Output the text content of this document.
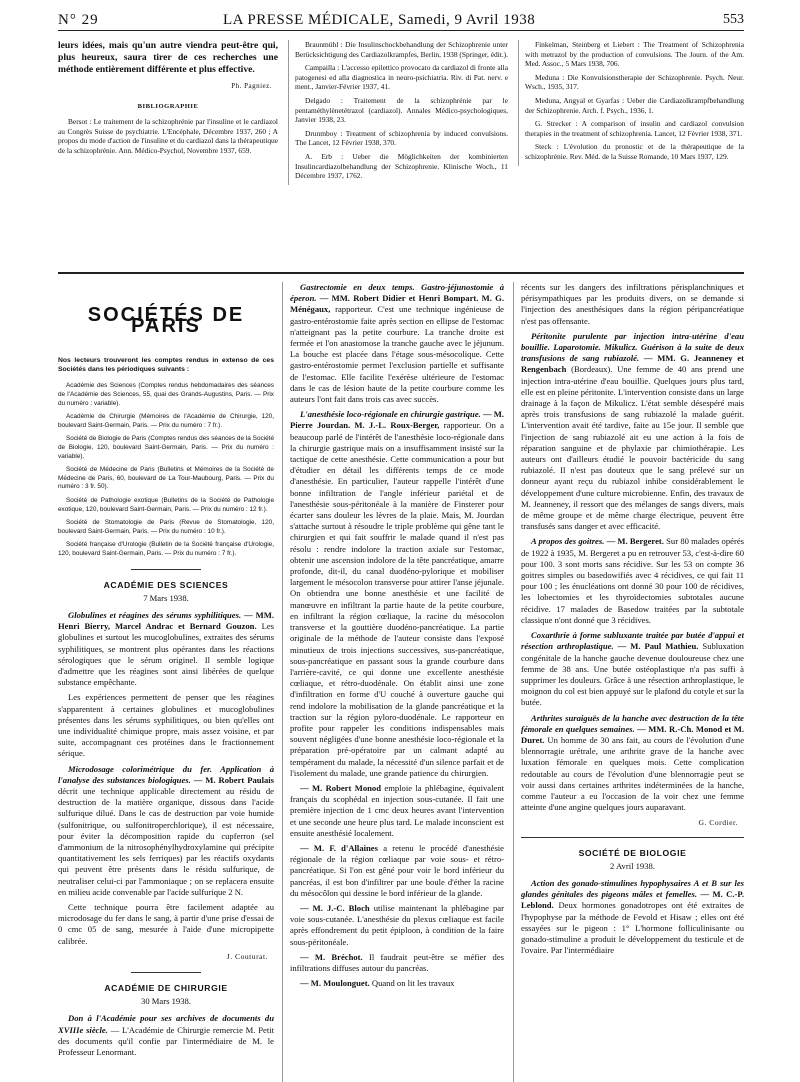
N° 29	LA PRESSE MÉDICALE, Samedi, 9 Avril 1938	553

leurs idées, mais qu'un autre viendra peut-être qui, plus heureux, saura tirer de ces recherches une méthode entièrement différente et plus effective.

Ph. Pagniez.
BIBLIOGRAPHIE

Bersot : Le traitement de la schizophrénie par l'insuline et le cardiazol au Congrès Suisse de psychiatrie. L'Encéphale, Décembre 1937, 260 ; A propos du mode d'action de l'insuline et du cardiazol dans la thérapeutique de la schizophrénie. Ann. Médico-Psychol, Novembre 1937, 659.

Braunmühl : Die Insulinschockbehandlung der Schizophrenie unter Berücksichtigung des Cardiazolkrampfes, Berlin, 1938 (Springer, édit.).

Campailla : L'accesso epilettico provocato da cardiazol di fronte alla patogenesi ed alla diagnostica in neuro-psichiatria. Riv. di Pat. nerv. e ment., Janvier-Février 1937, 41.

Delgado : Traitement de la schizophrénie par le pentaméthylènetétrazol (cardiazol). Annales Médico-psychologiques, Janvier 1938, 23.

Drunmboy : Treatment of schizophrenia by induced convulsions. The Lancet, 12 Février 1938, 370.

A. Erb : Ueber die Möglichkeiten der kombinierten Insulincardiazolbehandlung der Schizophrenie. Klinische Woch., 11 Décembre 1937, 1762.

Finkelman, Steinberg et Liebert : The Treatment of Schizophrenia with metrazol by the production of convulsions. The Journ. of the Am. Med. Assoc., 5 Mars 1938, 706.

Meduna : Die Konvulsionstherapie der Schizophrenie. Psych. Neur. Wsch., 1935, 317.

Meduna, Angyal et Gyarfas : Ueber die Cardiazolkrampfbehandlung der Schizophrenie. Arch. f. Psych., 1936, 1.

G. Strecker : A comparison of insulin and cardiazol convulsion therapies in the treatment of schizophrenia. Lancet, 12 Février 1938, 371.

Steck : L'évolution du pronostic et de la thérapeutique de la schizophrénie. Rev. Méd. de la Suisse Romande, 10 Mars 1937, 129.

SOCIÉTÉS DE PARIS

Nos lecteurs trouveront les comptes rendus in extenso de ces Sociétés dans les périodiques suivants :

Académie des Sciences (Comptes rendus hebdomadaires des séances de l'Académie des Sciences, 55, quai des Grands-Augustins, Paris. — Prix du numéro : variable).

Académie de Chirurgie (Mémoires de l'Académie de Chirurgie, 120, boulevard Saint-Germain, Paris. — Prix du numéro : 7 fr.).

Société de Biologie de Paris (Comptes rendus des séances de la Société de Biologie, 120, boulevard Saint-Germain, Paris. — Prix du numéro : variable).

Société de Médecine de Paris (Bulletins et Mémoires de la Société de Médecine de Paris, 60, boulevard de La Tour-Maubourg, Paris. — Prix du numéro : 3 fr. 50).

Société de Pathologie exotique (Bulletins de la Société de Pathologie exotique, 120, boulevard Saint-Germain, Paris. — Prix du numéro : 12 fr.).

Société de Stomatologie de Paris (Revue de Stomatologie, 120, boulevard Saint-Germain, Paris. — Prix du numéro : 10 fr.).

Société française d'Urologie (Bulletin de la Société française d'Urologie, 120, boulevard Saint-Germain, Paris. — Prix du numéro : 7 fr.).

ACADÉMIE DES SCIENCES
7 Mars 1938.

Globulines et réagines des sérums syphilitiques. — MM. Henri Bierry, Marcel Andrac et Bernard Gouzon. Les globulines et surtout les mucoglobulines, extraites des sérums syphilitiques, se montrent plus opérantes dans les réactions sérologiques que le sérum originel. Il semble logique d'admettre que les réagines sont ainsi libérées de quelque substance empêchante.

Les expériences permettent de penser que les réagines s'apparentent à certaines globulines et mucoglobulines présentes dans les sérums syphilitiques, ou bien qu'elles ont une individualité chimique propre, mais assez voisine, et par suite, accompagnant ces protéines dans le fractionnement sérique.

Microdosage colorimétrique du fer. Application à l'analyse des substances biologiques. — M. Robert Paulais décrit une technique applicable directement au résidu de destruction de la matière organique, dissous dans l'acide sulfurique dilué. Dans le cas de destruction par voie humide (sulfonitrique, ou sulfonitroperchlorique), il est nécessaire, pour éviter la décomposition rapide du cupferron (sel d'ammonium de la nitrosophénylhydroxylamine qui précipite quantitativement les sels ferriques) par les réactifs oxydants qui peuvent être présents dans le résidu sulfurique, de neutraliser celui-ci par l'ammoniaque ; on se replacera ensuite en milieu acide convenable par l'acide sulfurique 2 N.

Cette technique pourra être facilement adaptée au microdosage du fer dans le sang, à partir d'une prise d'essai de 0 cmc 05 de sang, mesurée à l'aide d'une micropipette calibrée.

J. Couturat.
ACADÉMIE DE CHIRURGIE
30 Mars 1938.

Don à l'Académie pour ses archives de documents du XVIIIe siècle. — L'Académie de Chirurgie remercie M. Petit des documents qu'il confie par l'intermédiaire de M. le Professeur Lenormant.

Gastrectomie en deux temps. Gastro-jéjunostomie à éperon. — MM. Robert Didier et Henri Bompart. M. G. Ménégaux, rapporteur. C'est une technique ingénieuse de gastro-entérostomie faite après section en ellipse de l'estomac n'atteignant pas la petite courbure. La tranche droite est fermée et l'on anastomose la tranche gauche avec le jéjunum. La bouche est placée dans l'étage sous-mésocolique. Cette gastro-entérostomie permet l'exclusion partielle et suffisante de l'estomac. Elle facilite l'exérèse ultérieure de l'estomac dans le cas de lésion haute de la petite courbure comme les auteurs l'ont fait dans trois cas avec succès.

L'anesthésie loco-régionale en chirurgie gastrique. — M. Pierre Jourdan. M. J.-L. Roux-Berger, rapporteur. On a beaucoup parlé de l'intérêt de l'anesthésie loco-régionale dans la chirurgie gastrique mais on a insuffisamment insisté sur la tactique de cette anesthésie. Cette communication a pour but d'étudier en détail les différents temps de ce mode d'anesthésie. En particulier, l'auteur rappelle l'intérêt d'une bonne infiltration de l'angle inférieur pariétal et de l'anesthésie sous-péritonéale à la manière de Finsterer pour écarter sans douleur les lèvres de la plaie. Mais, M. Jourdan s'attache surtout à résoudre le triple problème qui gêne tant le chirurgien et qui fait souffrir le malade quand il n'est pas résolu : rendre indolore la traction axiale sur l'estomac, obtenir une ascension indolore de la tête pancréatique, amarre profonde, dit-il, du canal duodéno-pylorique et mobiliser largement le mésocolon transverse pour attirer l'anse jéjunale. On obtiendra une bonne anesthésie et une facilité de manœuvre en infiltrant la partie haute de la petite courbure, en infiltrant la région cœliaque, la racine du mésocolon transverse et la gouttière duodéno-pancréatique. La partie originale de la méthode de l'auteur consiste dans l'exposé minutieux de trois injections successives, sus-pancréatique, sous-pancréatique en passant sous la grande courbure dans l'arrière-cavité, ce qui donne une excellente anesthésie cœliaque, et rétro-duodénale. On établit ainsi une zone d'infiltration en forme d'U couché à ouverture gauche qui rend indolore la mobilisation de la glande pancréatique et la traction sur la région pyloro-duodénale. Le rapporteur en profite pour rappeler les conditions indispensables mais souvent négligées d'une bonne anesthésie loco-régionale et la préparation pré-opératoire par un calmant adapté au tempérament du malade, la nécessité d'un silence parfait et de l'isolement du malade, une grande patience du chirurgien.

— M. Robert Monod emploie la phlébagine, équivalent français du scophédal en injection sous-cutanée. Il fait une première injection de 1 cmc deux heures avant l'intervention et une seconde une heure plus tard. Le malade inconscient est ensuite anesthésié localement.

— M. F. d'Allaines a retenu le procédé d'anesthésie régionale de la région cœliaque par voie sous- et rétro-pancréatique. Si l'on est gêné pour voir le bord inférieur du pancréas, il est bon d'infiltrer par une boule d'éther la racine du mésocôlon qui dessine le bord inférieur de la glande.

— M. J.-C. Bloch utilise maintenant la phlébagine par voie sous-cutanée. L'anesthésie du plexus cœliaque est facile après effondrement du petit épiploon, à condition de la faire sous-péritonéale.

— M. Bréchot. Il faudrait peut-être se méfier des infiltrations diffuses autour du pancréas.

— M. Moulonguet. Quand on lit les travaux

récents sur les dangers des infiltrations périsplanchniques et périsympathiques par les produits divers, on se demande si l'injection des anesthésiques dans la région péripancréatique n'est pas offensante.

Péritonite purulente par injection intra-utérine d'eau bouillie. Laparotomie. Mikulicz. Guérison à la suite de deux transfusions de sang rubiazolé. — MM. G. Jeanneney et Rengenbach (Bordeaux). Une femme de 40 ans prend une injection intra-utérine d'eau bouillie. Quelques jours plus tard, elle est en pleine péritonite. L'intervention consiste dans un large drainage à la façon de Mikulicz. L'état semble désespéré mais après trois transfusions de sang rubiazolé la malade guérit. L'intervention avait été tardive, faite au 15e jour. Il semble que l'injection de sang rubiazolé ait eu une action à la fois de réparation sanguine et de phylaxie par chimiothérapie. Les auteurs ont d'ailleurs étudié le pouvoir bactéricide du sang rubiazolé. Il n'est pas douteux que le sang prélevé sur un donneur ayant reçu du rubiazol inhibe considérablement le développement d'une culture microbienne. Enfin, des travaux de M. Jeanneney, il ressort que des mélanges de sangs divers, mais de même groupe et de même charge électrique, peuvent être transfusés sans danger et avec efficacité.

A propos des goitres. — M. Bergeret. Sur 80 malades opérés de 1922 à 1935, M. Bergeret a pu en retrouver 53, c'est-à-dire 60 pour 100. 3 sont morts sans récidive. Sur les 53 on compte 36 goitres simples ou basedowifiés avec 4 récidives, ce qui fait 11 pour 100 ; les énucléations ont donné 30 pour 100 de récidives, les lobectomies et les thyroïdectomies subtotales aucune récidive. 17 malades de Basedow traitées par la subtotale classique n'ont donné que 3 récidives.

Coxarthrie à forme subluxante traitée par butée d'appui et résection arthroplastique. — M. Paul Mathieu. Subluxation congénitale de la hanche gauche devenue douloureuse chez une femme de 38 ans. Une butée ostéoplastique n'a pas suffi à supprimer les douleurs. Grâce à une résection arthroplastique, le moignon du col est bien appuyé sur le plafond du cotyle et sur la butée.

Arthrites suraiguës de la hanche avec destruction de la tête fémorale en quelques semaines. — MM. R.-Ch. Monod et M. Duret. Un homme de 30 ans fait, au cours de l'évolution d'une blennorragie urétrale, une arthrite grave de la hanche avec luxation fémorale en quelques mois. Cette complication redoutable au cours de l'évolution d'une blennorragie peut se voir aussi dans certaines arthrites indéterminées de la hanche, comme l'auteur a eu l'occasion de la voir chez une femme atteinte d'une angine quelques jours auparavant.

G. Cordier.
SOCIÉTÉ DE BIOLOGIE
2 Avril 1938.

Action des gonado-stimulines hypophysaires A et B sur les glandes génitales des pigeons mâles et femelles. — M. C.-P. Leblond. Deux hormones gonadotropes ont été extraites de l'hypophyse par la méthode de Fevold et Hisaw ; elles ont été essayées sur le pigeon : 1° L'hormone folliculinisante ou gonado-stimuline a produit le développement du testicule et de l'ovaire. Par l'intermédiaire
